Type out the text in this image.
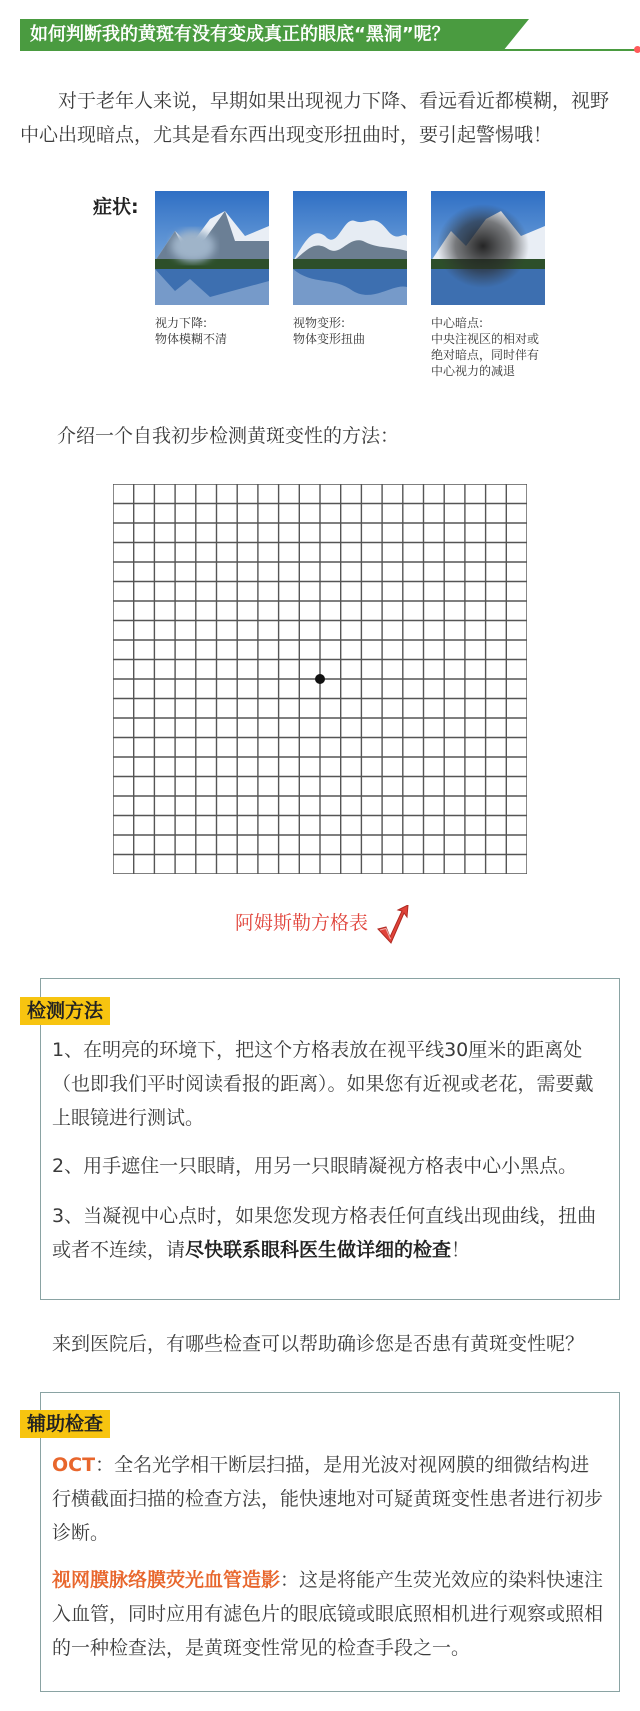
如何判断我的黄斑有没有变成真正的眼底“黑洞”呢？
对于老年人来说，早期如果出现视力下降、看远看近都模糊，视野中心出现暗点，尤其是看东西出现变形扭曲时，要引起警惕哦！
症状:
视力下降:
物体模糊不清
视物变形:
物体变形扭曲
中心暗点:
中央注视区的相对或
绝对暗点，同时伴有
中心视力的减退
介绍一个自我初步检测黄斑变性的方法：
阿姆斯勒方格表
检测方法
1、在明亮的环境下，把这个方格表放在视平线30厘米的距离处（也即我们平时阅读看报的距离）。如果您有近视或老花，需要戴上眼镜进行测试。
2、用手遮住一只眼睛，用另一只眼睛凝视方格表中心小黑点。
3、当凝视中心点时，如果您发现方格表任何直线出现曲线，扭曲或者不连续，请尽快联系眼科医生做详细的检查！
来到医院后，有哪些检查可以帮助确诊您是否患有黄斑变性呢？
辅助检查
OCT：全名光学相干断层扫描，是用光波对视网膜的细微结构进行横截面扫描的检查方法，能快速地对可疑黄斑变性患者进行初步诊断。
视网膜脉络膜荧光血管造影：这是将能产生荧光效应的染料快速注入血管，同时应用有滤色片的眼底镜或眼底照相机进行观察或照相的一种检查法，是黄斑变性常见的检查手段之一。
